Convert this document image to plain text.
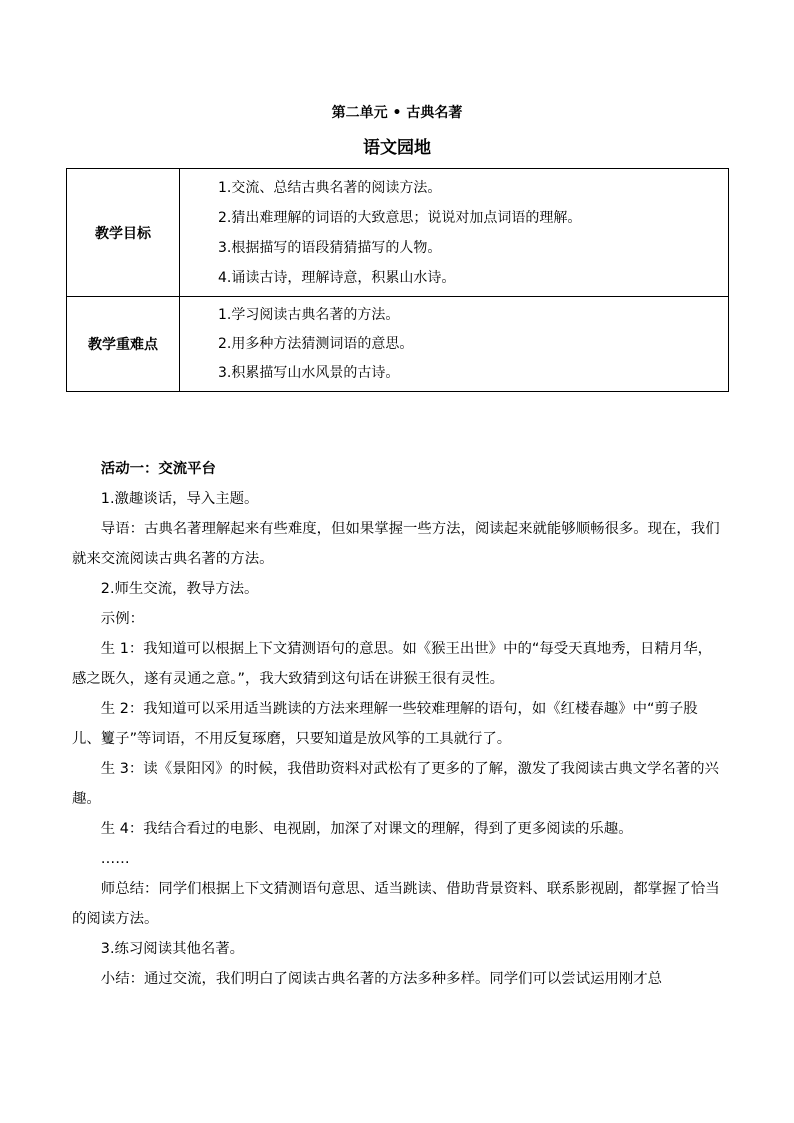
第二单元 • 古典名著
语文园地
教学目标	1.交流、总结古典名著的阅读方法。
2.猜出难理解的词语的大致意思；说说对加点词语的理解。
3.根据描写的语段猜猜描写的人物。
4.诵读古诗，理解诗意，积累山水诗。

教学重难点	1.学习阅读古典名著的方法。
2.用多种方法猜测词语的意思。
3.积累描写山水风景的古诗。

活动一：交流平台

1.激趣谈话，导入主题。

导语：古典名著理解起来有些难度，但如果掌握一些方法，阅读起来就能够顺畅很多。现在，我们就来交流阅读古典名著的方法。

2.师生交流，教导方法。

示例：

生 1：我知道可以根据上下文猜测语句的意思。如《猴王出世》中的“每受天真地秀，日精月华，感之既久，遂有灵通之意。”，我大致猜到这句话在讲猴王很有灵性。

生 2：我知道可以采用适当跳读的方法来理解一些较难理解的语句，如《红楼春趣》中“剪子股儿、籰子”等词语，不用反复琢磨，只要知道是放风筝的工具就行了。

生 3：读《景阳冈》的时候，我借助资料对武松有了更多的了解，激发了我阅读古典文学名著的兴趣。

生 4：我结合看过的电影、电视剧，加深了对课文的理解，得到了更多阅读的乐趣。

……

师总结：同学们根据上下文猜测语句意思、适当跳读、借助背景资料、联系影视剧，都掌握了恰当的阅读方法。

3.练习阅读其他名著。

小结：通过交流，我们明白了阅读古典名著的方法多种多样。同学们可以尝试运用刚才总
